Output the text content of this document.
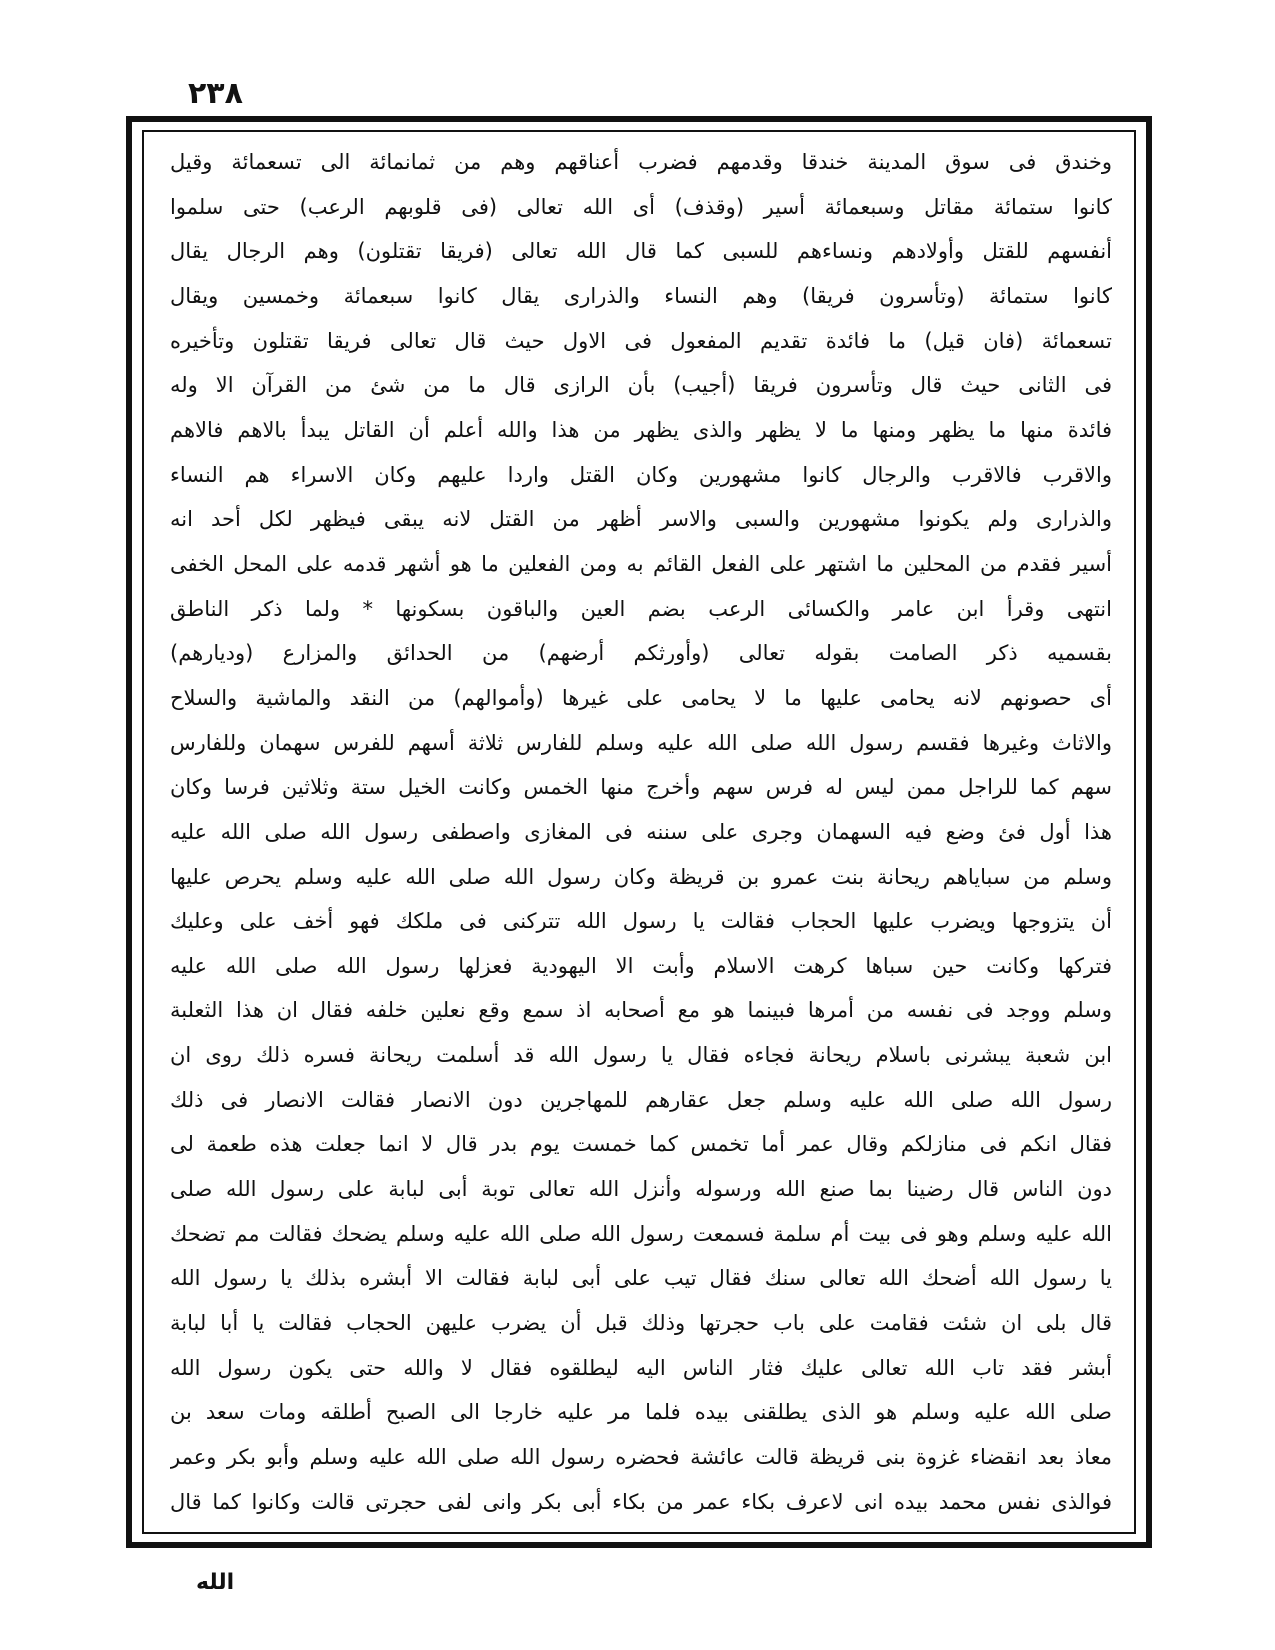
٢٣٨
وخندق فى سوق المدينة خندقا وقدمهم فضرب أعناقهم وهم من ثمانمائة الى تسعمائة وقيل
كانوا ستمائة مقاتل وسبعمائة أسير (وقذف) أى الله تعالى (فى قلوبهم الرعب) حتى سلموا
أنفسهم للقتل وأولادهم ونساءهم للسبى كما قال الله تعالى (فريقا تقتلون) وهم الرجال يقال
كانوا ستمائة (وتأسرون فريقا) وهم النساء والذرارى يقال كانوا سبعمائة وخمسين ويقال
تسعمائة (فان قيل) ما فائدة تقديم المفعول فى الاول حيث قال تعالى فريقا تقتلون وتأخيره
فى الثانى حيث قال وتأسرون فريقا (أجيب) بأن الرازى قال ما من شئ من القرآن الا وله
فائدة منها ما يظهر ومنها ما لا يظهر والذى يظهر من هذا والله أعلم أن القاتل يبدأ بالاهم فالاهم
والاقرب فالاقرب والرجال كانوا مشهورين وكان القتل واردا عليهم وكان الاسراء هم النساء
والذرارى ولم يكونوا مشهورين والسبى والاسر أظهر من القتل لانه يبقى فيظهر لكل أحد انه
أسير فقدم من المحلين ما اشتهر على الفعل القائم به ومن الفعلين ما هو أشهر قدمه على المحل الخفى
انتهى وقرأ ابن عامر والكسائى الرعب بضم العين والباقون بسكونها * ولما ذكر الناطق
بقسميه ذكر الصامت بقوله تعالى (وأورثكم أرضهم) من الحدائق والمزارع (وديارهم)
أى حصونهم لانه يحامى عليها ما لا يحامى على غيرها (وأموالهم) من النقد والماشية والسلاح
والاثاث وغيرها فقسم رسول الله صلى الله عليه وسلم للفارس ثلاثة أسهم للفرس سهمان وللفارس
سهم كما للراجل ممن ليس له فرس سهم وأخرج منها الخمس وكانت الخيل ستة وثلاثين فرسا وكان
هذا أول فئ وضع فيه السهمان وجرى على سننه فى المغازى واصطفى رسول الله صلى الله عليه
وسلم من سباياهم ريحانة بنت عمرو بن قريظة وكان رسول الله صلى الله عليه وسلم يحرص عليها
أن يتزوجها ويضرب عليها الحجاب فقالت يا رسول الله تتركنى فى ملكك فهو أخف على وعليك
فتركها وكانت حين سباها كرهت الاسلام وأبت الا اليهودية فعزلها رسول الله صلى الله عليه
وسلم ووجد فى نفسه من أمرها فبينما هو مع أصحابه اذ سمع وقع نعلين خلفه فقال ان هذا الثعلبة
ابن شعبة يبشرنى باسلام ريحانة فجاءه فقال يا رسول الله قد أسلمت ريحانة فسره ذلك روى ان
رسول الله صلى الله عليه وسلم جعل عقارهم للمهاجرين دون الانصار فقالت الانصار فى ذلك
فقال انكم فى منازلكم وقال عمر أما تخمس كما خمست يوم بدر قال لا انما جعلت هذه طعمة لى
دون الناس قال رضينا بما صنع الله ورسوله وأنزل الله تعالى توبة أبى لبابة على رسول الله صلى
الله عليه وسلم وهو فى بيت أم سلمة فسمعت رسول الله صلى الله عليه وسلم يضحك فقالت مم تضحك
يا رسول الله أضحك الله تعالى سنك فقال تيب على أبى لبابة فقالت الا أبشره بذلك يا رسول الله
قال بلى ان شئت فقامت على باب حجرتها وذلك قبل أن يضرب عليهن الحجاب فقالت يا أبا لبابة
أبشر فقد تاب الله تعالى عليك فثار الناس اليه ليطلقوه فقال لا والله حتى يكون رسول الله
صلى الله عليه وسلم هو الذى يطلقنى بيده فلما مر عليه خارجا الى الصبح أطلقه ومات سعد بن
معاذ بعد انقضاء غزوة بنى قريظة قالت عائشة فحضره رسول الله صلى الله عليه وسلم وأبو بكر وعمر
فوالذى نفس محمد بيده انى لاعرف بكاء عمر من بكاء أبى بكر وانى لفى حجرتى قالت وكانوا كما قال
الله
